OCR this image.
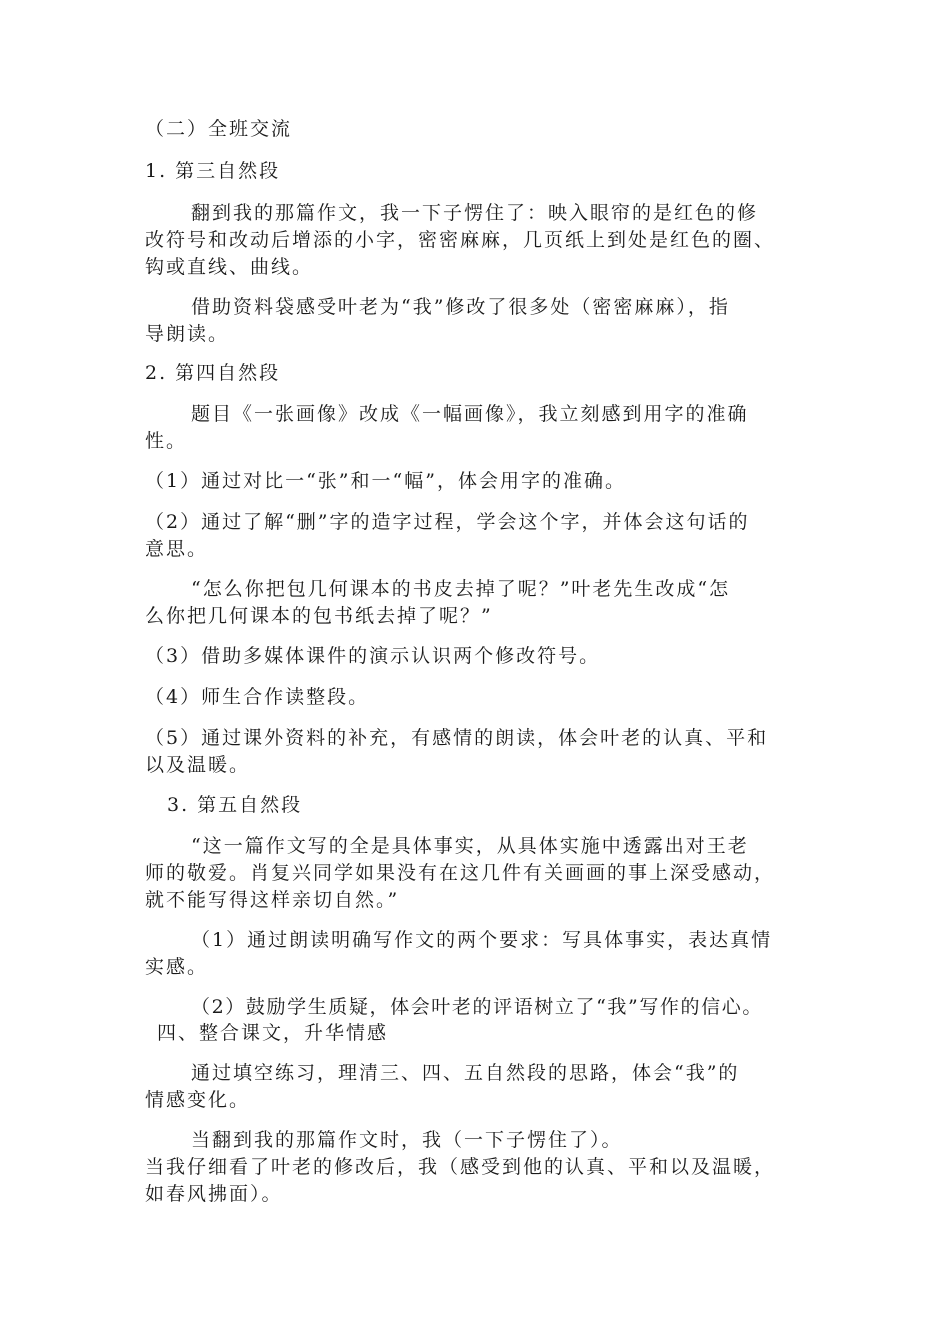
（二）全班交流

1. 第三自然段

翻到我的那篇作文，我一下子愣住了：映入眼帘的是红色的修

改符号和改动后增添的小字，密密麻麻，几页纸上到处是红色的圈、

钩或直线、曲线。

借助资料袋感受叶老为“我”修改了很多处（密密麻麻），指

导朗读。

2. 第四自然段

题目《一张画像》改成《一幅画像》，我立刻感到用字的准确

性。

（1）通过对比一“张”和一“幅”，体会用字的准确。

（2）通过了解“删”字的造字过程，学会这个字，并体会这句话的

意思。

“怎么你把包几何课本的书皮去掉了呢？”叶老先生改成“怎

么你把几何课本的包书纸去掉了呢？”

（3）借助多媒体课件的演示认识两个修改符号。

（4）师生合作读整段。

（5）通过课外资料的补充，有感情的朗读，体会叶老的认真、平和

以及温暖。

3. 第五自然段

“这一篇作文写的全是具体事实，从具体实施中透露出对王老

师的敬爱。肖复兴同学如果没有在这几件有关画画的事上深受感动，

就不能写得这样亲切自然。”

（1）通过朗读明确写作文的两个要求：写具体事实，表达真情

实感。

（2）鼓励学生质疑，体会叶老的评语树立了“我”写作的信心。

四、整合课文，升华情感

通过填空练习，理清三、四、五自然段的思路，体会“我”的

情感变化。

当翻到我的那篇作文时，我（一下子愣住了）。

当我仔细看了叶老的修改后，我（感受到他的认真、平和以及温暖，

如春风拂面）。
